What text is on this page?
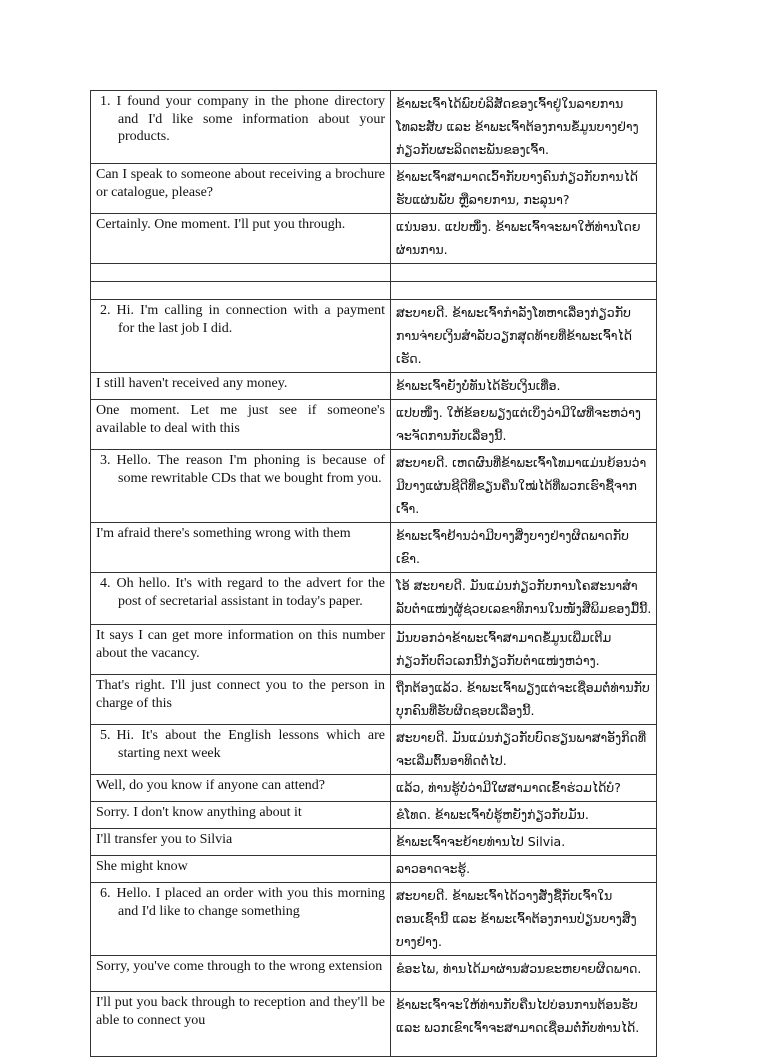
1. I found your company in the phone directory and I'd like some information about your products.	ຂ້າພະເຈົ້າໄດ້ພົບບໍລິສັດຂອງເຈົ້າຢູ່ໃນລາຍການໂທລະສັບ ແລະ ຂ້າພະເຈົ້າຕ້ອງການຂໍ້ມູນບາງຢ່າງກ່ຽວກັບຜະລິດຕະພັນຂອງເຈົ້າ.
Can I speak to someone about receiving a brochure or catalogue, please?	ຂ້າພະເຈົ້າສາມາດເວົ້າກັບບາງຄົນກ່ຽວກັບການໄດ້ຮັບແຜ່ນພັບ ຫຼືລາຍການ, ກະລຸນາ?
Certainly. One moment. I'll put you through.	ແນ່ນອນ. ແປບໜຶ່ງ. ຂ້າພະເຈົ້າຈະພາໃຫ້ທ່ານໂດຍຜ່ານການ.

2. Hi. I'm calling in connection with a payment for the last job I did.	ສະບາຍດີ. ຂ້າພະເຈົ້າກໍາລັງໂທຫາເລື່ອງກ່ຽວກັບການຈ່າຍເງິນສໍາລັບວຽກສຸດທ້າຍທີ່ຂ້າພະເຈົ້າໄດ້ເຮັດ.
I still haven't received any money.	ຂ້າພະເຈົ້າຍັງບໍ່ທັນໄດ້ຮັບເງິນເທື່ອ.
One moment. Let me just see if someone's available to deal with this	ແປບໜຶ່ງ. ໃຫ້ຂ້ອຍພຽງແຕ່ເບິ່ງວ່າມີໃຜທີ່ຈະຫວ່າງຈະຈັດການກັບເລື່ອງນີ້.
3. Hello. The reason I'm phoning is because of some rewritable CDs that we bought from you.	ສະບາຍດີ. ເຫດຜົນທີ່ຂ້າພະເຈົ້າໂທມາແມ່ນຍ້ອນວ່າມີບາງແຜ່ນຊີດີທີ່ຂຽນຄືນໃໝ່ໄດ້ທີ່ພວກເຮົາຊື້ຈາກເຈົ້າ.
I'm afraid there's something wrong with them	ຂ້າພະເຈົ້າຢ້ານວ່າມີບາງສິ່ງບາງຢ່າງຜິດພາດກັບເຂົາ.
4. Oh hello. It's with regard to the advert for the post of secretarial assistant in today's paper.	ໂອ້ ສະບາຍດີ. ມັນແມ່ນກ່ຽວກັບການໂຄສະນາສໍາລັບຕໍາແໜ່ງຜູ້ຊ່ວຍເລຂາທິການໃນໜັງສືພິມຂອງມື້ນີ້.
It says I can get more information on this number about the vacancy.	ມັນບອກວ່າຂ້າພະເຈົ້າສາມາດຂໍ້ມູນເພີ່ມເຕີມກ່ຽວກັບຕົວເລກນີ້ກ່ຽວກັບຕໍາແໜ່ງຫວ່າງ.
That's right. I'll just connect you to the person in charge of this	ຖືກຕ້ອງແລ້ວ. ຂ້າພະເຈົ້າພຽງແຕ່ຈະເຊື່ອມຕໍ່ທ່ານກັບບຸກຄົນທີ່ຮັບຜິດຊອບເລື່ອງນີ້.
5. Hi. It's about the English lessons which are starting next week	ສະບາຍດີ. ມັນແມ່ນກ່ຽວກັບບົດຮຽນພາສາອັງກິດທີ່ຈະເລີ່ມຕົ້ນອາທິດຕໍ່ໄປ.
Well, do you know if anyone can attend?	ແລ້ວ, ທ່ານຮູ້ບໍ່ວ່າມີໃຜສາມາດເຂົ້າຮ່ວມໄດ້ບໍ?
Sorry. I don't know anything about it	ຂໍໂທດ. ຂ້າພະເຈົ້າບໍ່ຮູ້ຫຍັງກ່ຽວກັບມັນ.
I'll transfer you to Silvia	ຂ້າພະເຈົ້າຈະຍ້າຍທ່ານໄປ Silvia.
She might know	ລາວອາດຈະຮູ້.
6. Hello. I placed an order with you this morning and I'd like to change something	ສະບາຍດີ. ຂ້າພະເຈົ້າໄດ້ວາງສັ່ງຊື້ກັບເຈົ້າໃນຕອນເຊົ້ານີ້ ແລະ ຂ້າພະເຈົ້າຕ້ອງການປ່ຽນບາງສິ່ງບາງຢ່າງ.
Sorry, you've come through to the wrong extension	ຂໍອະໄພ, ທ່ານໄດ້ມາຜ່ານສ່ວນຂະຫຍາຍຜິດພາດ.
I'll put you back through to reception and they'll be able to connect you	ຂ້າພະເຈົ້າຈະໃຫ້ທ່ານກັບຄືນໄປບ່ອນການຕ້ອນຮັບ ແລະ ພວກເຂົາເຈົ້າຈະສາມາດເຊື່ອມຕໍ່ກັບທ່ານໄດ້.
